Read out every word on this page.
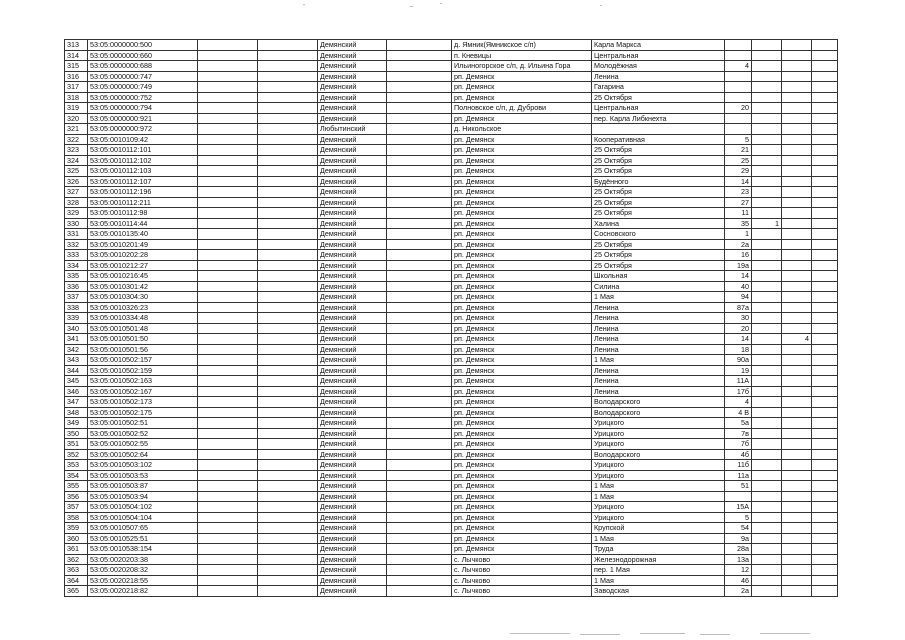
313	53:05:0000000:500			Демянский		д. Ямник(Ямникское с/п)	Карла Маркса				
314	53:05:0000000:660			Демянский		п. Кневицы	Центральная				
315	53:05:0000000:688			Демянский		Ильиногорское с/п, д. Ильина Гора	Молодёжная	4			
316	53:05:0000000:747			Демянский		рп. Демянск	Ленина				
317	53:05:0000000:749			Демянский		рп. Демянск	Гагарина				
318	53:05:0000000:752			Демянский		рп. Демянск	25 Октября				
319	53:05:0000000:794			Демянский		Полновское с/п, д. Дуброви	Центральная	20			
320	53:05:0000000:921			Демянский		рп. Демянск	пер. Карла Либкнехта				
321	53:05:0000000:972			Любытинский		д. Никольское					
322	53:05:0010109:42			Демянский		рп. Демянск	Кооперативная	5			
323	53:05:0010112:101			Демянский		рп. Демянск	25 Октября	21			
324	53:05:0010112:102			Демянский		рп. Демянск	25 Октября	25			
325	53:05:0010112:103			Демянский		рп. Демянск	25 Октября	29			
326	53:05:0010112:107			Демянский		рп. Демянск	Будённого	14			
327	53:05:0010112:196			Демянский		рп. Демянск	25 Октября	23			
328	53:05:0010112:211			Демянский		рп. Демянск	25 Октября	27			
329	53:05:0010112:98			Демянский		рп. Демянск	25 Октября	11			
330	53:05:0010114:44			Демянский		рп. Демянск	Халина	35	1		
331	53:05:0010135:40			Демянский		рп. Демянск	Сосновского	1			
332	53:05:0010201:49			Демянский		рп. Демянск	25 Октября	2а			
333	53:05:0010202:28			Демянский		рп. Демянск	25 Октября	16			
334	53:05:0010212:27			Демянский		рп. Демянск	25 Октября	19а			
335	53:05:0010216:45			Демянский		рп. Демянск	Школьная	14			
336	53:05:0010301:42			Демянский		рп. Демянск	Силина	40			
337	53:05:0010304:30			Демянский		рп. Демянск	1 Мая	94			
338	53:05:0010326:23			Демянский		рп. Демянск	Ленина	87а			
339	53:05:0010334:48			Демянский		рп. Демянск	Ленина	30			
340	53:05:0010501:48			Демянский		рп. Демянск	Ленина	20			
341	53:05:0010501:50			Демянский		рп. Демянск	Ленина	14		4	
342	53:05:0010501:56			Демянский		рп. Демянск	Ленина	18			
343	53:05:0010502:157			Демянский		рп. Демянск	1 Мая	90а			
344	53:05:0010502:159			Демянский		рп. Демянск	Ленина	19			
345	53:05:0010502:163			Демянский		рп. Демянск	Ленина	11А			
346	53:05:0010502:167			Демянский		рп. Демянск	Ленина	17б			
347	53:05:0010502:173			Демянский		рп. Демянск	Володарского	4			
348	53:05:0010502:175			Демянский		рп. Демянск	Володарского	4 В			
349	53:05:0010502:51			Демянский		рп. Демянск	Урицкого	5а			
350	53:05:0010502:52			Демянский		рп. Демянск	Урицкого	7в			
351	53:05:0010502:55			Демянский		рп. Демянск	Урицкого	7б			
352	53:05:0010502:64			Демянский		рп. Демянск	Володарского	4б			
353	53:05:0010503:102			Демянский		рп. Демянск	Урицкого	11б			
354	53:05:0010503:53			Демянский		рп. Демянск	Урицкого	11а			
355	53:05:0010503:87			Демянский		рп. Демянск	1 Мая	51			
356	53:05:0010503:94			Демянский		рп. Демянск	1 Мая				
357	53:05:0010504:102			Демянский		рп. Демянск	Урицкого	15А			
358	53:05:0010504:104			Демянский		рп. Демянск	Урицкого	5			
359	53:05:0010507:65			Демянский		рп. Демянск	Крупской	54			
360	53:05:0010525:51			Демянский		рп. Демянск	1 Мая	9а			
361	53:05:0010538:154			Демянский		рп. Демянск	Труда	28а			
362	53:05:0020203:38			Демянский		с. Лычково	Железнодорожная	13а			
363	53:05:0020208:32			Демянский		с. Лычково	пер. 1 Мая	12			
364	53:05:0020218:55			Демянский		с. Лычково	1 Мая	46			
365	53:05:0020218:82			Демянский		с. Лычково	Заводская	2а			
